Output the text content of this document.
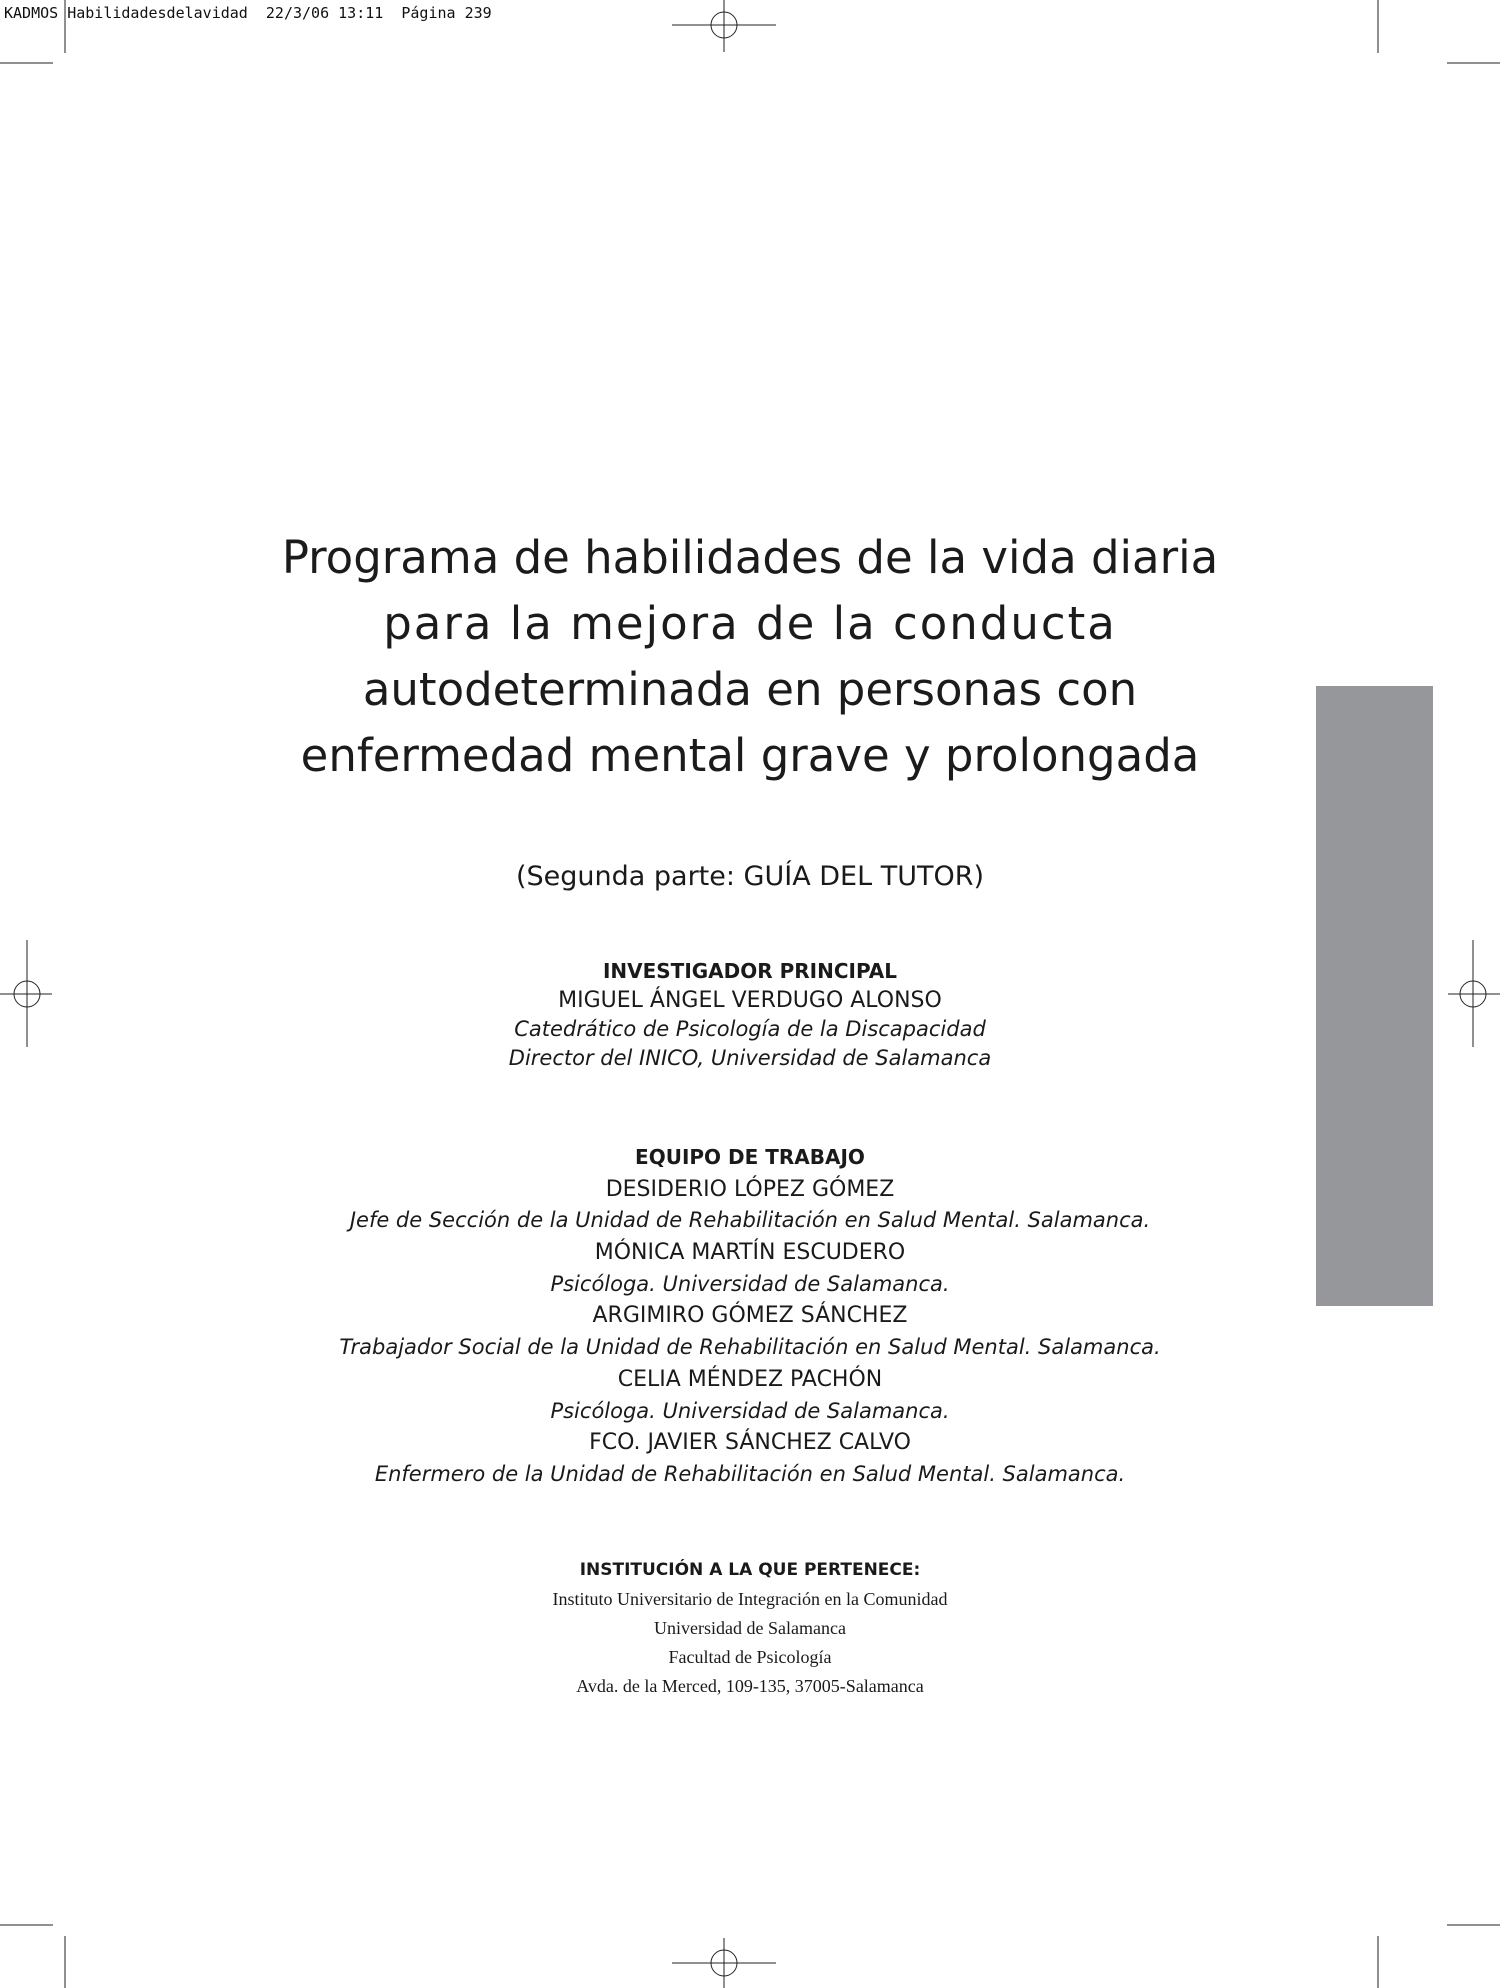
KADMOS Habilidadesdelavidad 22/3/06 13:11 Página 239
Programa de habilidades de la vida diaria
para la mejora de la conducta
autodeterminada en personas con
enfermedad mental grave y prolongada
(Segunda parte: GUÍA DEL TUTOR)
INVESTIGADOR PRINCIPAL
MIGUEL ÁNGEL VERDUGO ALONSO
Catedrático de Psicología de la Discapacidad
Director del INICO, Universidad de Salamanca
EQUIPO DE TRABAJO
DESIDERIO LÓPEZ GÓMEZ
Jefe de Sección de la Unidad de Rehabilitación en Salud Mental. Salamanca.
MÓNICA MARTÍN ESCUDERO
Psicóloga. Universidad de Salamanca.
ARGIMIRO GÓMEZ SÁNCHEZ
Trabajador Social de la Unidad de Rehabilitación en Salud Mental. Salamanca.
CELIA MÉNDEZ PACHÓN
Psicóloga. Universidad de Salamanca.
FCO. JAVIER SÁNCHEZ CALVO
Enfermero de la Unidad de Rehabilitación en Salud Mental. Salamanca.
INSTITUCIÓN A LA QUE PERTENECE:
Instituto Universitario de Integración en la Comunidad
Universidad de Salamanca
Facultad de Psicología
Avda. de la Merced, 109-135, 37005-Salamanca
